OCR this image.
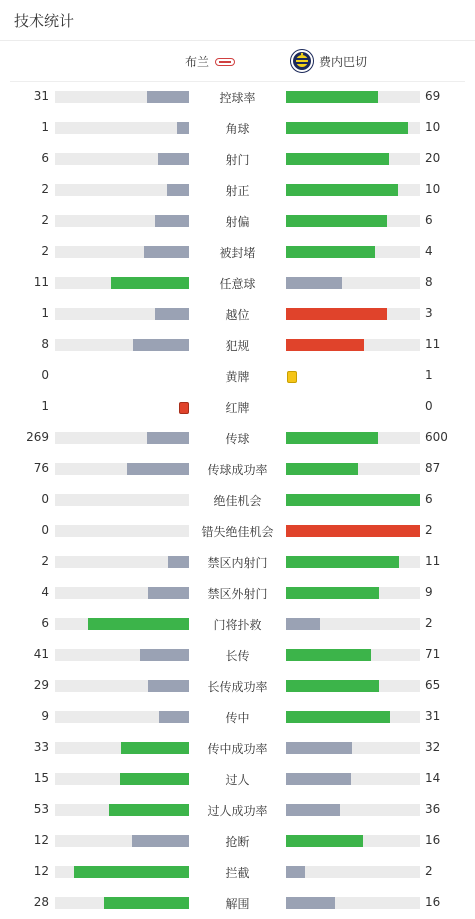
技术统计
布兰	费内巴切
31	控球率	69
1	角球	10
6	射门	20
2	射正	10
2	射偏	6
2	被封堵	4
11	任意球	8
1	越位	3
8	犯规	11
0	黄牌	1
1	红牌	0
269	传球	600
76	传球成功率	87
0	绝佳机会	6
0	错失绝佳机会	2
2	禁区内射门	11
4	禁区外射门	9
6	门将扑救	2
41	长传	71
29	长传成功率	65
9	传中	31
33	传中成功率	32
15	过人	14
53	过人成功率	36
12	抢断	16
12	拦截	2
28	解围	16
